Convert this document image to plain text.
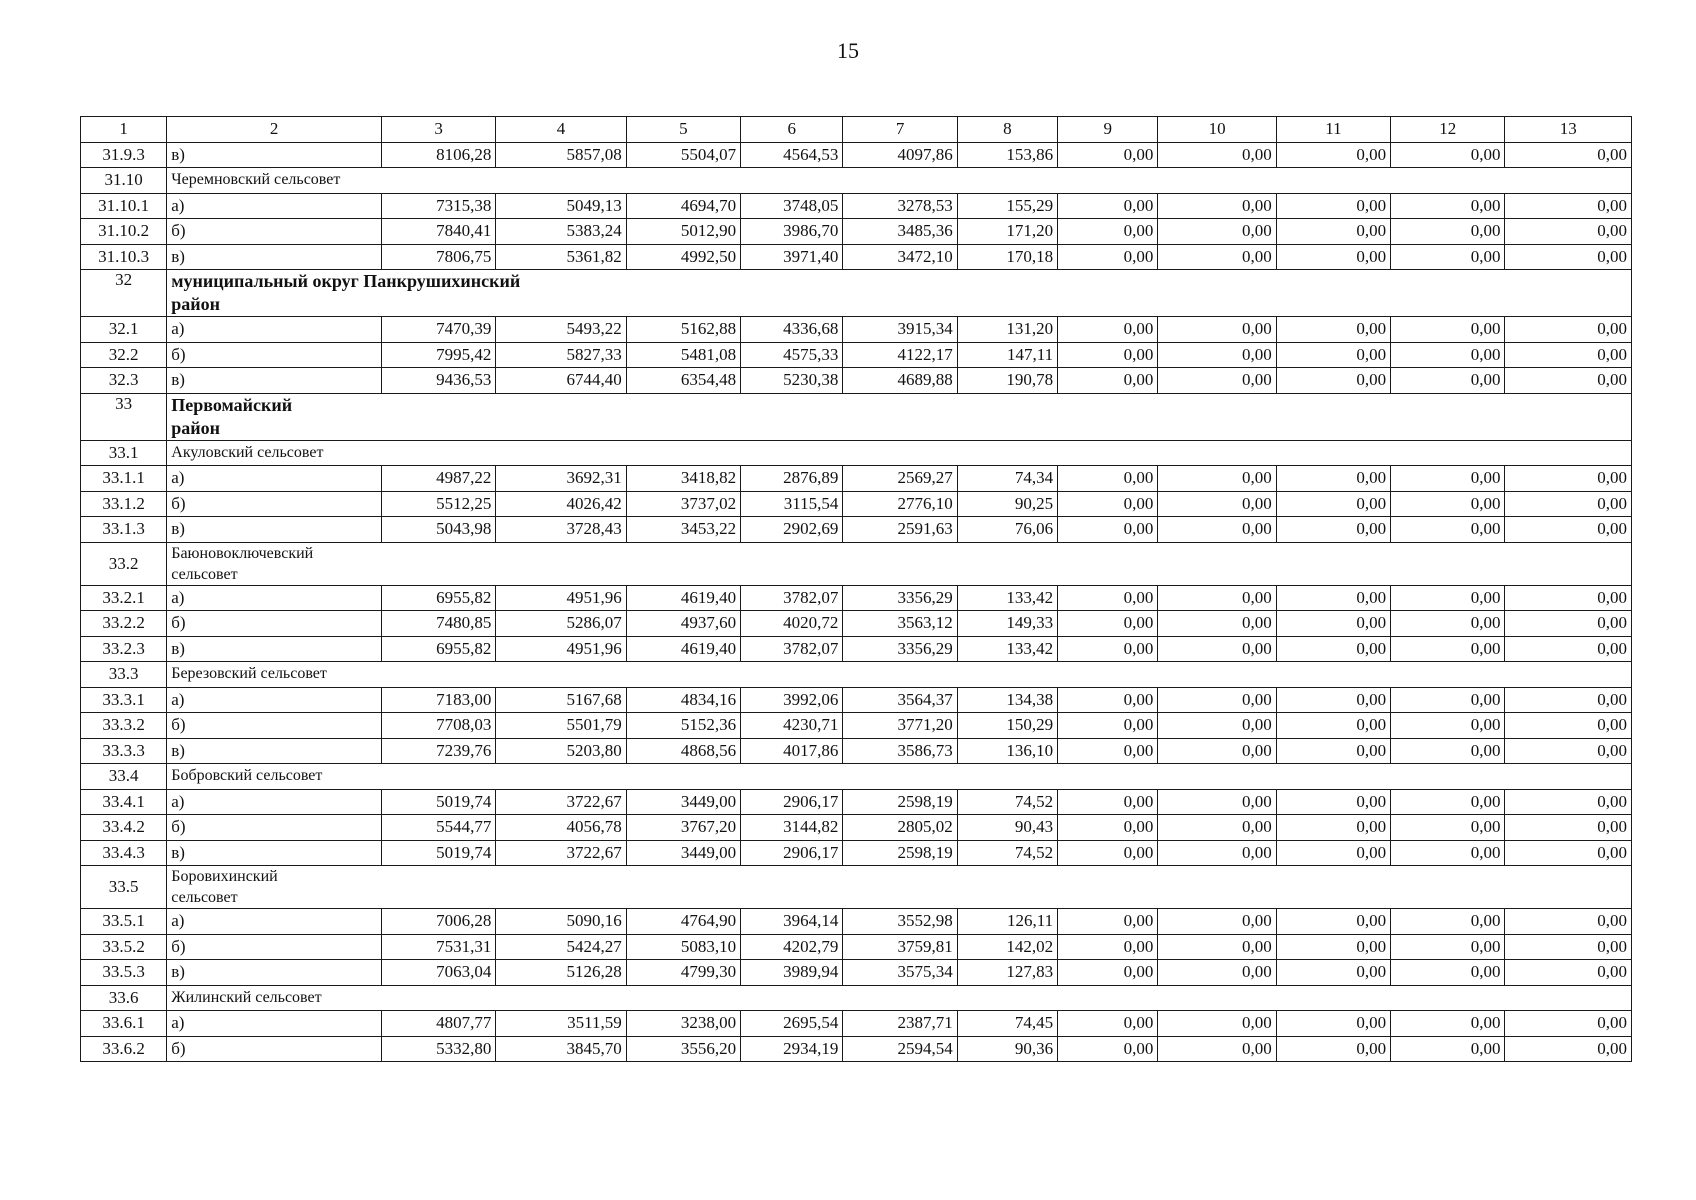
15
1	2	3	4	5	6	7	8	9	10	11	12	13
31.9.3	в)	8106,28	5857,08	5504,07	4564,53	4097,86	153,86	0,00	0,00	0,00	0,00	0,00
31.10	Черемновский сельсовет											
31.10.1	а)	7315,38	5049,13	4694,70	3748,05	3278,53	155,29	0,00	0,00	0,00	0,00	0,00
31.10.2	б)	7840,41	5383,24	5012,90	3986,70	3485,36	171,20	0,00	0,00	0,00	0,00	0,00
31.10.3	в)	7806,75	5361,82	4992,50	3971,40	3472,10	170,18	0,00	0,00	0,00	0,00	0,00
32	муниципальный округ Панкрушихинский район											

32.1	а)	7470,39	5493,22	5162,88	4336,68	3915,34	131,20	0,00	0,00	0,00	0,00	0,00
32.2	б)	7995,42	5827,33	5481,08	4575,33	4122,17	147,11	0,00	0,00	0,00	0,00	0,00
32.3	в)	9436,53	6744,40	6354,48	5230,38	4689,88	190,78	0,00	0,00	0,00	0,00	0,00
33	Первомайский район											

33.1	Акуловский сельсовет											
33.1.1	а)	4987,22	3692,31	3418,82	2876,89	2569,27	74,34	0,00	0,00	0,00	0,00	0,00
33.1.2	б)	5512,25	4026,42	3737,02	3115,54	2776,10	90,25	0,00	0,00	0,00	0,00	0,00
33.1.3	в)	5043,98	3728,43	3453,22	2902,69	2591,63	76,06	0,00	0,00	0,00	0,00	0,00
33.2	Баюновоключевский сельсовет											

33.2.1	а)	6955,82	4951,96	4619,40	3782,07	3356,29	133,42	0,00	0,00	0,00	0,00	0,00
33.2.2	б)	7480,85	5286,07	4937,60	4020,72	3563,12	149,33	0,00	0,00	0,00	0,00	0,00
33.2.3	в)	6955,82	4951,96	4619,40	3782,07	3356,29	133,42	0,00	0,00	0,00	0,00	0,00
33.3	Березовский сельсовет											
33.3.1	а)	7183,00	5167,68	4834,16	3992,06	3564,37	134,38	0,00	0,00	0,00	0,00	0,00
33.3.2	б)	7708,03	5501,79	5152,36	4230,71	3771,20	150,29	0,00	0,00	0,00	0,00	0,00
33.3.3	в)	7239,76	5203,80	4868,56	4017,86	3586,73	136,10	0,00	0,00	0,00	0,00	0,00
33.4	Бобровский сельсовет											
33.4.1	а)	5019,74	3722,67	3449,00	2906,17	2598,19	74,52	0,00	0,00	0,00	0,00	0,00
33.4.2	б)	5544,77	4056,78	3767,20	3144,82	2805,02	90,43	0,00	0,00	0,00	0,00	0,00
33.4.3	в)	5019,74	3722,67	3449,00	2906,17	2598,19	74,52	0,00	0,00	0,00	0,00	0,00
33.5	Боровихинский сельсовет											

33.5.1	а)	7006,28	5090,16	4764,90	3964,14	3552,98	126,11	0,00	0,00	0,00	0,00	0,00
33.5.2	б)	7531,31	5424,27	5083,10	4202,79	3759,81	142,02	0,00	0,00	0,00	0,00	0,00
33.5.3	в)	7063,04	5126,28	4799,30	3989,94	3575,34	127,83	0,00	0,00	0,00	0,00	0,00
33.6	Жилинский сельсовет											
33.6.1	а)	4807,77	3511,59	3238,00	2695,54	2387,71	74,45	0,00	0,00	0,00	0,00	0,00
33.6.2	б)	5332,80	3845,70	3556,20	2934,19	2594,54	90,36	0,00	0,00	0,00	0,00	0,00
